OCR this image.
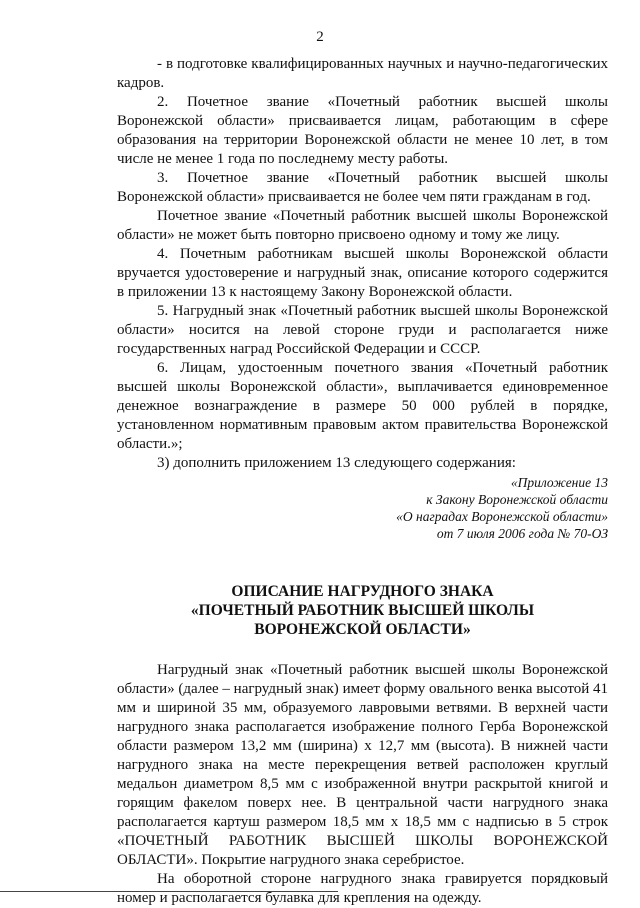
2

- в подготовке квалифицированных научных и научно-педагогических кадров.

2. Почетное звание «Почетный работник высшей школы Воронежской области» присваивается лицам, работающим в сфере образования на территории Воронежской области не менее 10 лет, в том числе не менее 1 года по последнему месту работы.

3. Почетное звание «Почетный работник высшей школы Воронежской области» присваивается не более чем пяти гражданам в год.

Почетное звание «Почетный работник высшей школы Воронежской области» не может быть повторно присвоено одному и тому же лицу.

4. Почетным работникам высшей школы Воронежской области вручается удостоверение и нагрудный знак, описание которого содержится в приложении 13 к настоящему Закону Воронежской области.

5. Нагрудный знак «Почетный работник высшей школы Воронежской области» носится на левой стороне груди и располагается ниже государственных наград Российской Федерации и СССР.

6. Лицам, удостоенным почетного звания «Почетный работник высшей школы Воронежской области», выплачивается единовременное денежное вознаграждение в размере 50 000 рублей в порядке, установленном нормативным правовым актом правительства Воронежской области.»;

3) дополнить приложением 13 следующего содержания:

«Приложение 13
к Закону Воронежской области
«О наградах Воронежской области»
от 7 июля 2006 года № 70-ОЗ
ОПИСАНИЕ НАГРУДНОГО ЗНАКА
«ПОЧЕТНЫЙ РАБОТНИК ВЫСШЕЙ ШКОЛЫ
ВОРОНЕЖСКОЙ ОБЛАСТИ»

Нагрудный знак «Почетный работник высшей школы Воронежской области» (далее – нагрудный знак) имеет форму овального венка высотой 41 мм и шириной 35 мм, образуемого лавровыми ветвями. В верхней части нагрудного знака располагается изображение полного Герба Воронежской области размером 13,2 мм (ширина) х 12,7 мм (высота). В нижней части нагрудного знака на месте перекрещения ветвей расположен круглый медальон диаметром 8,5 мм с изображенной внутри раскрытой книгой и горящим факелом поверх нее. В центральной части нагрудного знака располагается картуш размером 18,5 мм х 18,5 мм с надписью в 5 строк «ПОЧЕТНЫЙ РАБОТНИК ВЫСШЕЙ ШКОЛЫ ВОРОНЕЖСКОЙ ОБЛАСТИ». Покрытие нагрудного знака серебристое.

На оборотной стороне нагрудного знака гравируется порядковый номер и располагается булавка для крепления на одежду.
